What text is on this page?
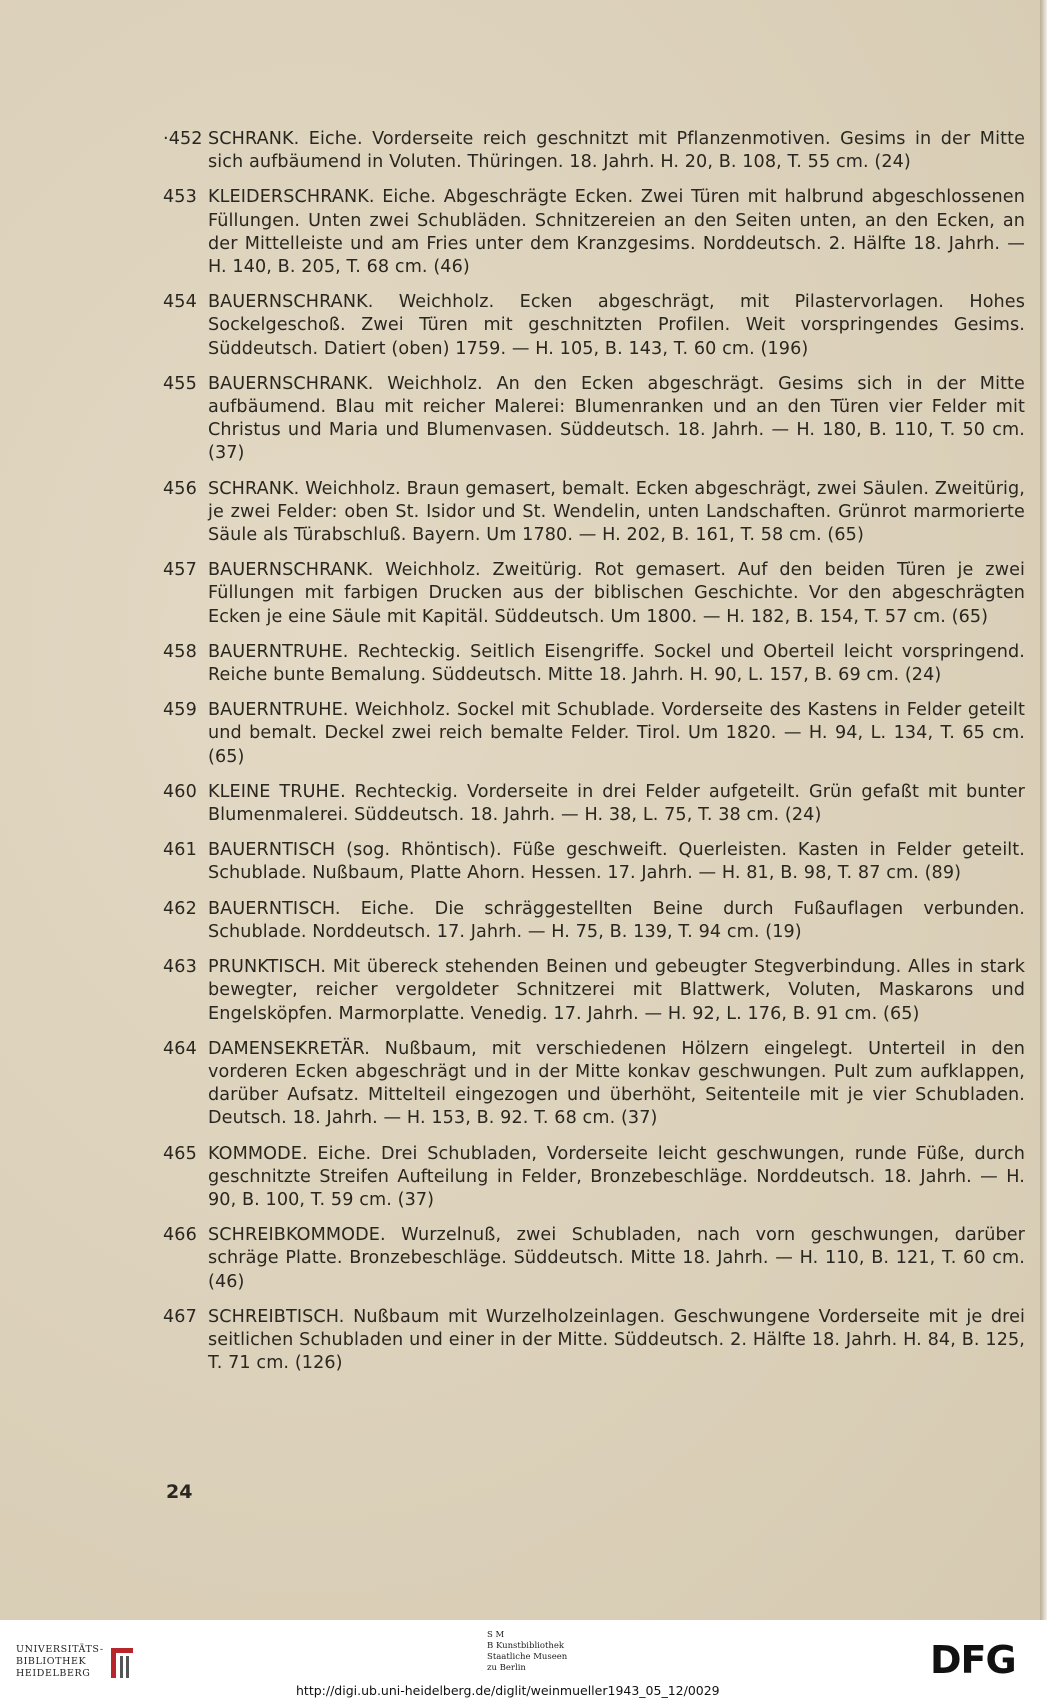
·452 SCHRANK. Eiche. Vorderseite reich geschnitzt mit Pflanzenmotiven. Gesims in der Mitte sich aufbäumend in Voluten. Thüringen. 18. Jahrh. H. 20, B. 108, T. 55 cm. (24)
453 KLEIDERSCHRANK. Eiche. Abgeschrägte Ecken. Zwei Türen mit halbrund abgeschlossenen Füllungen. Unten zwei Schubläden. Schnitzereien an den Seiten unten, an den Ecken, an der Mittelleiste und am Fries unter dem Kranzgesims. Norddeutsch. 2. Hälfte 18. Jahrh. — H. 140, B. 205, T. 68 cm. (46)
454 BAUERNSCHRANK. Weichholz. Ecken abgeschrägt, mit Pilastervorlagen. Hohes Sockelgeschoß. Zwei Türen mit geschnitzten Profilen. Weit vorspringendes Gesims. Süddeutsch. Datiert (oben) 1759. — H. 105, B. 143, T. 60 cm. (196)
455 BAUERNSCHRANK. Weichholz. An den Ecken abgeschrägt. Gesims sich in der Mitte aufbäumend. Blau mit reicher Malerei: Blumenranken und an den Türen vier Felder mit Christus und Maria und Blumenvasen. Süddeutsch. 18. Jahrh. — H. 180, B. 110, T. 50 cm. (37)
456 SCHRANK. Weichholz. Braun gemasert, bemalt. Ecken abgeschrägt, zwei Säulen. Zweitürig, je zwei Felder: oben St. Isidor und St. Wendelin, unten Landschaften. Grünrot marmorierte Säule als Türabschluß. Bayern. Um 1780. — H. 202, B. 161, T. 58 cm. (65)
457 BAUERNSCHRANK. Weichholz. Zweitürig. Rot gemasert. Auf den beiden Türen je zwei Füllungen mit farbigen Drucken aus der biblischen Geschichte. Vor den abgeschrägten Ecken je eine Säule mit Kapitäl. Süddeutsch. Um 1800. — H. 182, B. 154, T. 57 cm. (65)
458 BAUERNTRUHE. Rechteckig. Seitlich Eisengriffe. Sockel und Oberteil leicht vorspringend. Reiche bunte Bemalung. Süddeutsch. Mitte 18. Jahrh. H. 90, L. 157, B. 69 cm. (24)
459 BAUERNTRUHE. Weichholz. Sockel mit Schublade. Vorderseite des Kastens in Felder geteilt und bemalt. Deckel zwei reich bemalte Felder. Tirol. Um 1820. — H. 94, L. 134, T. 65 cm. (65)
460 KLEINE TRUHE. Rechteckig. Vorderseite in drei Felder aufgeteilt. Grün gefaßt mit bunter Blumenmalerei. Süddeutsch. 18. Jahrh. — H. 38, L. 75, T. 38 cm. (24)
461 BAUERNTISCH (sog. Rhöntisch). Füße geschweift. Querleisten. Kasten in Felder geteilt. Schublade. Nußbaum, Platte Ahorn. Hessen. 17. Jahrh. — H. 81, B. 98, T. 87 cm. (89)
462 BAUERNTISCH. Eiche. Die schräggestellten Beine durch Fußauflagen verbunden. Schublade. Norddeutsch. 17. Jahrh. — H. 75, B. 139, T. 94 cm. (19)
463 PRUNKTISCH. Mit übereck stehenden Beinen und gebeugter Stegverbindung. Alles in stark bewegter, reicher vergoldeter Schnitzerei mit Blattwerk, Voluten, Maskarons und Engelsköpfen. Marmorplatte. Venedig. 17. Jahrh. — H. 92, L. 176, B. 91 cm. (65)
464 DAMENSEKRETÄR. Nußbaum, mit verschiedenen Hölzern eingelegt. Unterteil in den vorderen Ecken abgeschrägt und in der Mitte konkav geschwungen. Pult zum aufklappen, darüber Aufsatz. Mittelteil eingezogen und überhöht, Seitenteile mit je vier Schubladen. Deutsch. 18. Jahrh. — H. 153, B. 92. T. 68 cm. (37)
465 KOMMODE. Eiche. Drei Schubladen, Vorderseite leicht geschwungen, runde Füße, durch geschnitzte Streifen Aufteilung in Felder, Bronzebeschläge. Norddeutsch. 18. Jahrh. — H. 90, B. 100, T. 59 cm. (37)
466 SCHREIBKOMMODE. Wurzelnuß, zwei Schubladen, nach vorn geschwungen, darüber schräge Platte. Bronzebeschläge. Süddeutsch. Mitte 18. Jahrh. — H. 110, B. 121, T. 60 cm. (46)
467 SCHREIBTISCH. Nußbaum mit Wurzelholzeinlagen. Geschwungene Vorderseite mit je drei seitlichen Schubladen und einer in der Mitte. Süddeutsch. 2. Hälfte 18. Jahrh. H. 84, B. 125, T. 71 cm. (126)
24
UNIVERSITÄTS-
BIBLIOTHEK
HEIDELBERG
S M
B Kunstbibliothek
Staatliche Museen
zu Berlin	DFG
http://digi.ub.uni-heidelberg.de/diglit/weinmueller1943_05_12/0029
